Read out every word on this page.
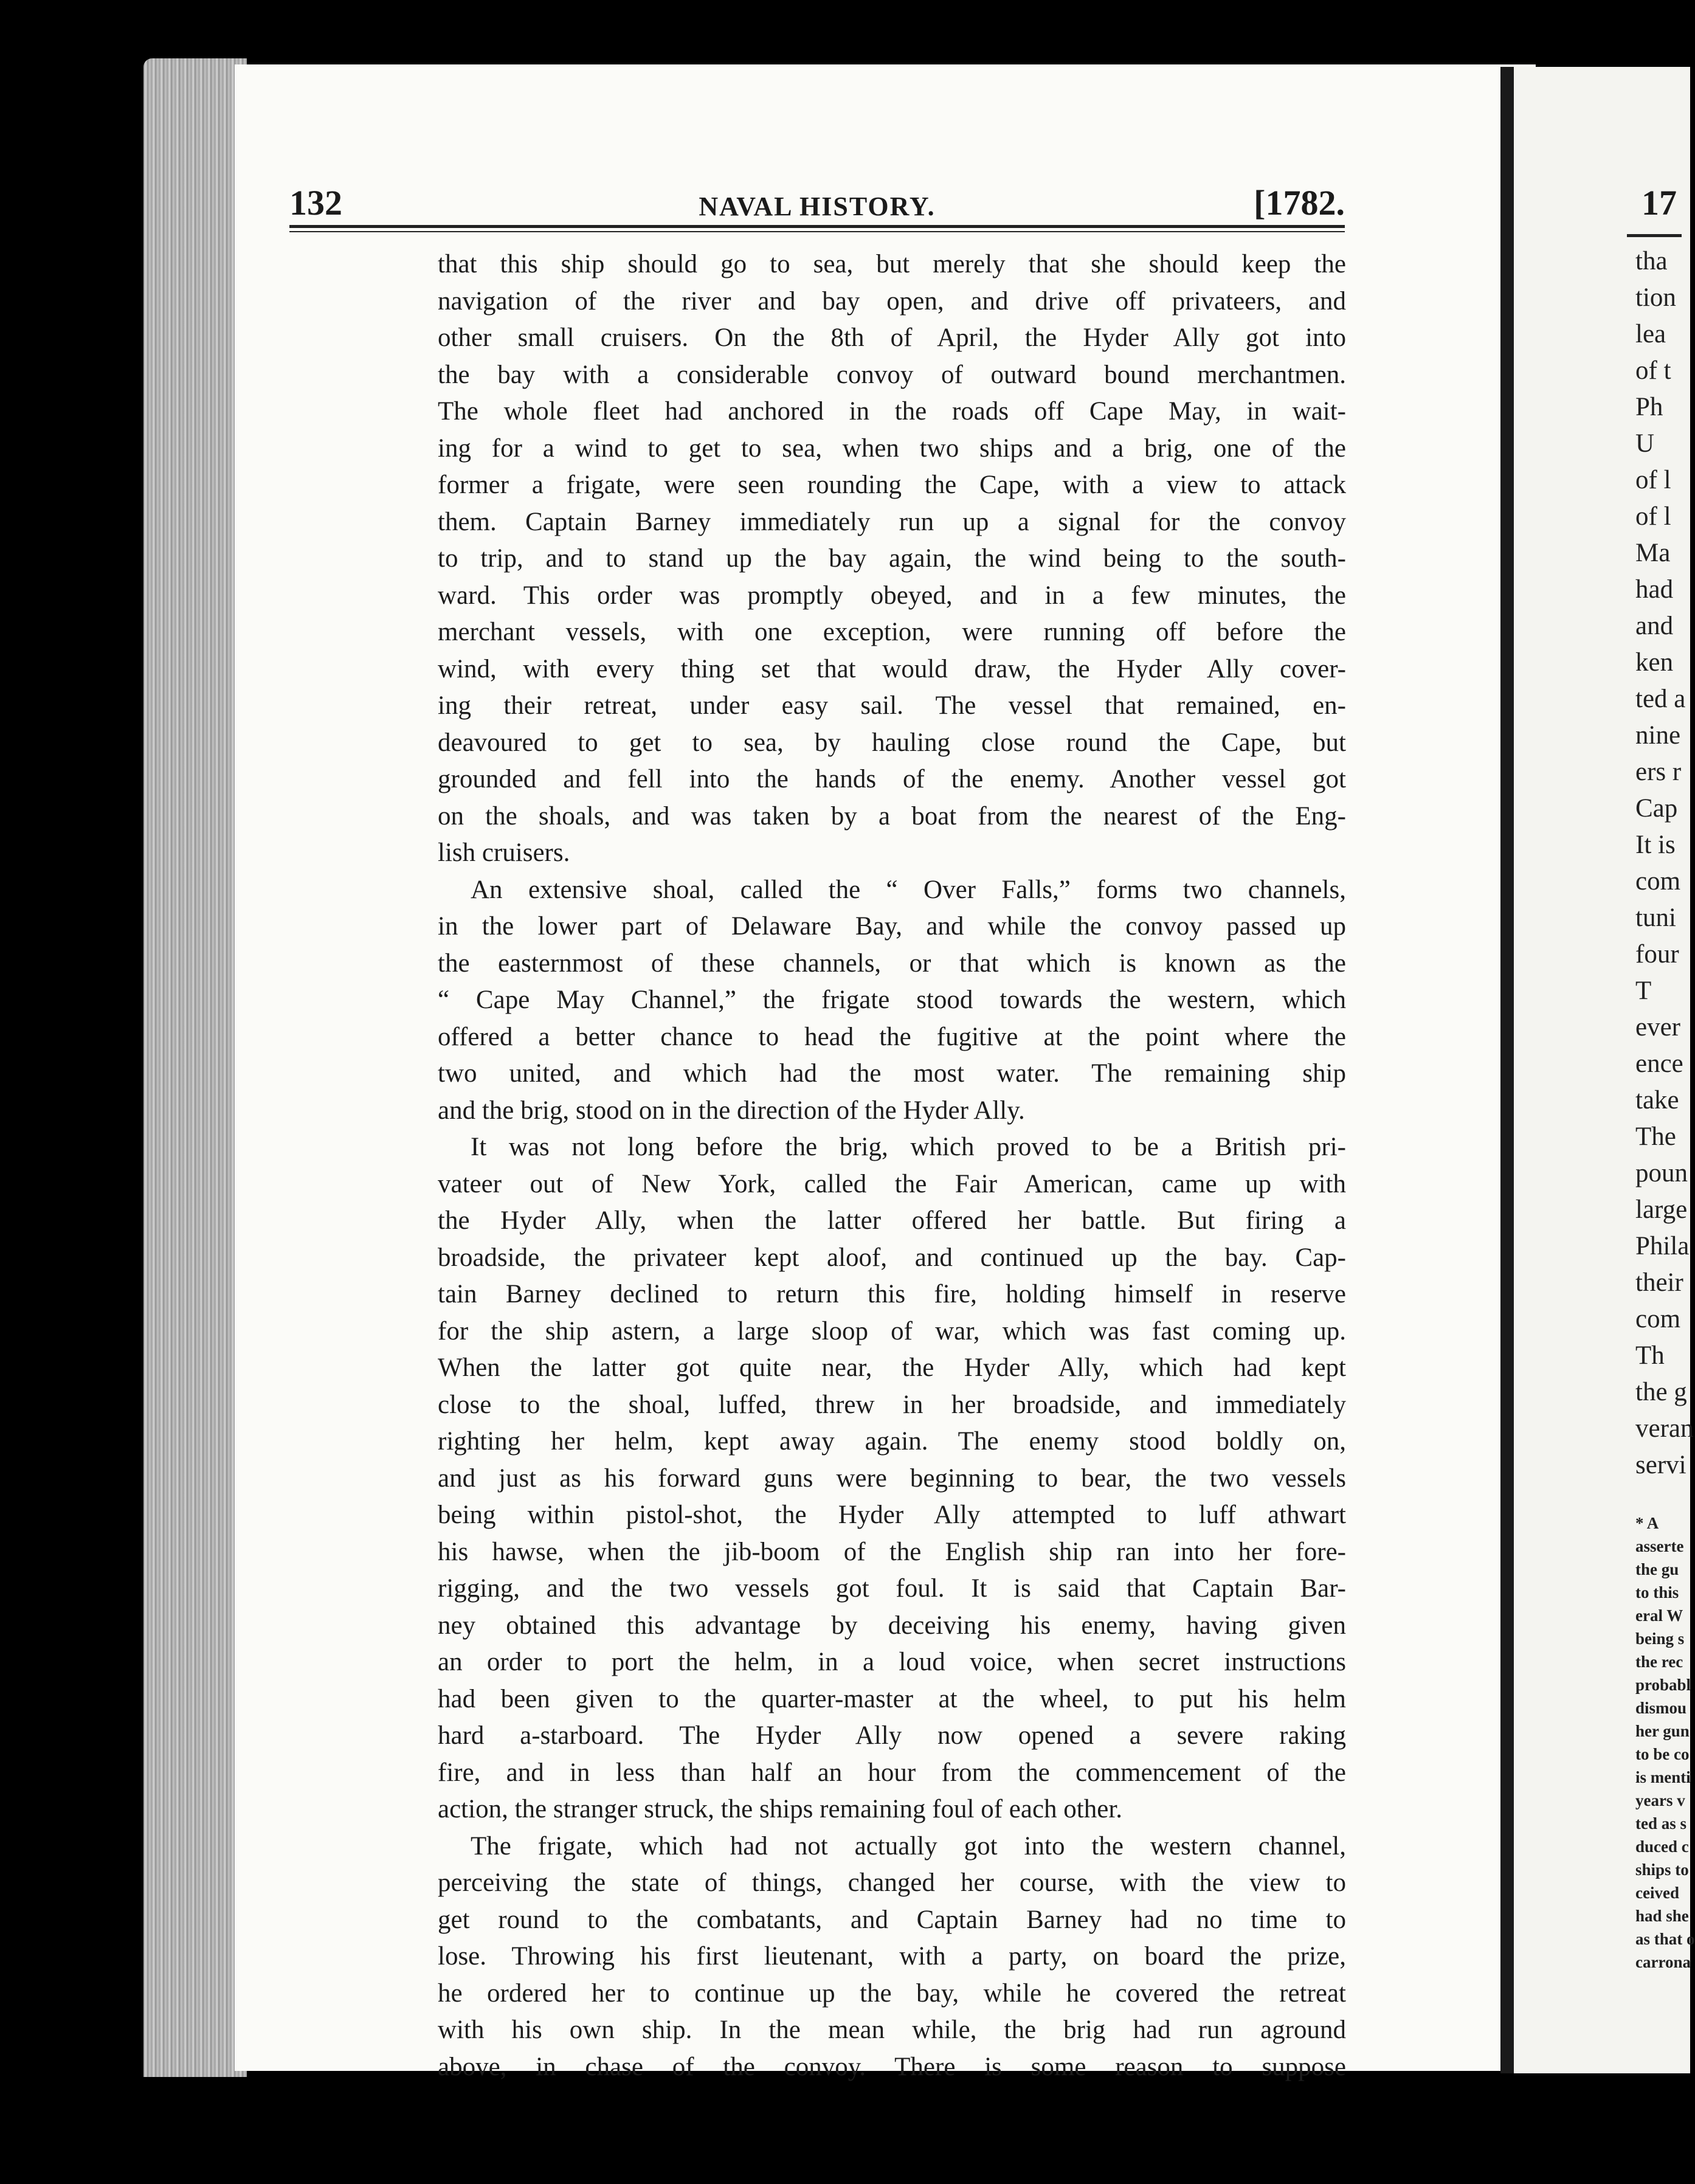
132	NAVAL HISTORY.	[1782.
that this ship should go to sea, but merely that she should keep the
navigation of the river and bay open, and drive off privateers, and
other small cruisers. On the 8th of April, the Hyder Ally got into
the bay with a considerable convoy of outward bound merchantmen.
The whole fleet had anchored in the roads off Cape May, in wait-
ing for a wind to get to sea, when two ships and a brig, one of the
former a frigate, were seen rounding the Cape, with a view to attack
them. Captain Barney immediately run up a signal for the convoy
to trip, and to stand up the bay again, the wind being to the south-
ward. This order was promptly obeyed, and in a few minutes, the
merchant vessels, with one exception, were running off before the
wind, with every thing set that would draw, the Hyder Ally cover-
ing their retreat, under easy sail. The vessel that remained, en-
deavoured to get to sea, by hauling close round the Cape, but
grounded and fell into the hands of the enemy. Another vessel got
on the shoals, and was taken by a boat from the nearest of the Eng-
lish cruisers.
An extensive shoal, called the “ Over Falls,” forms two channels,
in the lower part of Delaware Bay, and while the convoy passed up
the easternmost of these channels, or that which is known as the
“ Cape May Channel,” the frigate stood towards the western, which
offered a better chance to head the fugitive at the point where the
two united, and which had the most water. The remaining ship
and the brig, stood on in the direction of the Hyder Ally.
It was not long before the brig, which proved to be a British pri-
vateer out of New York, called the Fair American, came up with
the Hyder Ally, when the latter offered her battle. But firing a
broadside, the privateer kept aloof, and continued up the bay. Cap-
tain Barney declined to return this fire, holding himself in reserve
for the ship astern, a large sloop of war, which was fast coming up.
When the latter got quite near, the Hyder Ally, which had kept
close to the shoal, luffed, threw in her broadside, and immediately
righting her helm, kept away again. The enemy stood boldly on,
and just as his forward guns were beginning to bear, the two vessels
being within pistol-shot, the Hyder Ally attempted to luff athwart
his hawse, when the jib-boom of the English ship ran into her fore-
rigging, and the two vessels got foul. It is said that Captain Bar-
ney obtained this advantage by deceiving his enemy, having given
an order to port the helm, in a loud voice, when secret instructions
had been given to the quarter-master at the wheel, to put his helm
hard a-starboard. The Hyder Ally now opened a severe raking
fire, and in less than half an hour from the commencement of the
action, the stranger struck, the ships remaining foul of each other.
The frigate, which had not actually got into the western channel,
perceiving the state of things, changed her course, with the view to
get round to the combatants, and Captain Barney had no time to
lose. Throwing his first lieutenant, with a party, on board the prize,
he ordered her to continue up the bay, while he covered the retreat
with his own ship. In the mean while, the brig had run aground
above, in chase of the convoy. There is some reason to suppose
17
tha
tion
lea
of t
Ph
U
of l
of l
Ma
had
and
ken
ted a
nine
ers r
Cap
It is
com
tuni
four
T
ever
ence
take
The
poun
large
Phila
their
com
Th
the g
veran
servi
* A
asserte
the gu
to this
eral W
being s
the rec
probabl
dismou
her gun
to be co
is menti
years v
ted as s
duced c
ships to
ceived
had she
as that o
carrona
